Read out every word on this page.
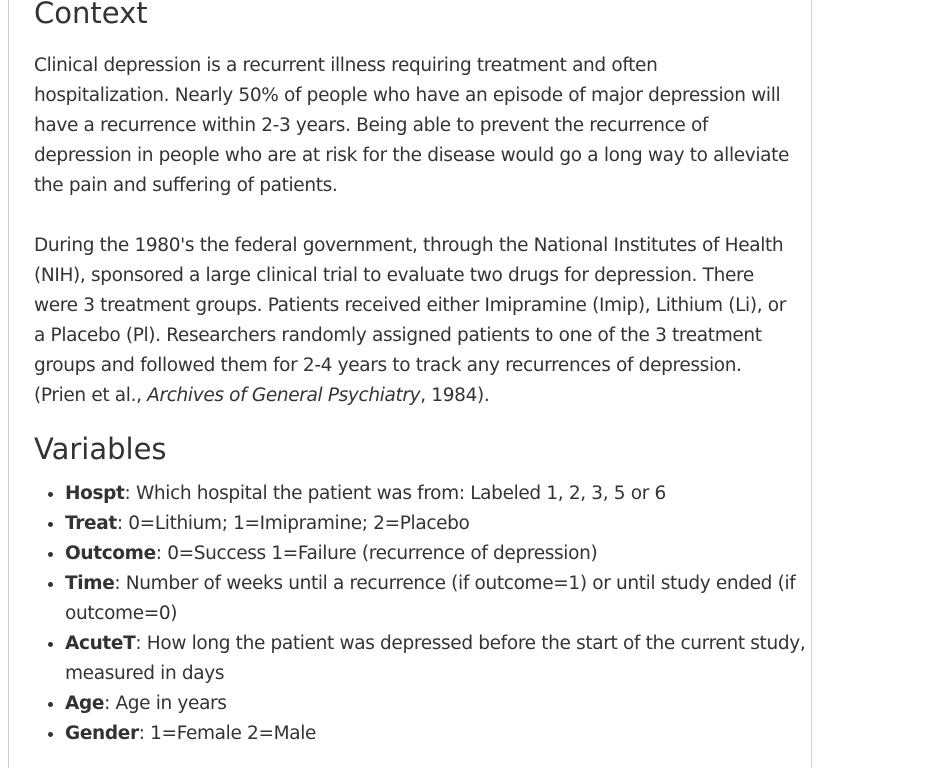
Context

Clinical depression is a recurrent illness requiring treatment and often hospitalization. Nearly 50% of people who have an episode of major depression will have a recurrence within 2-3 years. Being able to prevent the recurrence of depression in people who are at risk for the disease would go a long way to alleviate the pain and suffering of patients.

During the 1980's the federal government, through the National Institutes of Health (NIH), sponsored a large clinical trial to evaluate two drugs for depression. There were 3 treatment groups. Patients received either Imipramine (Imip), Lithium (Li), or a Placebo (Pl). Researchers randomly assigned patients to one of the 3 treatment groups and followed them for 2-4 years to track any recurrences of depression.
(Prien et al., Archives of General Psychiatry, 1984).

Variables
• Hospt: Which hospital the patient was from: Labeled 1, 2, 3, 5 or 6
• Treat: 0=Lithium; 1=Imipramine; 2=Placebo
• Outcome: 0=Success 1=Failure (recurrence of depression)
• Time: Number of weeks until a recurrence (if outcome=1) or until study ended (if outcome=0)
• AcuteT: How long the patient was depressed before the start of the current study, measured in days
• Age: Age in years
• Gender: 1=Female 2=Male
